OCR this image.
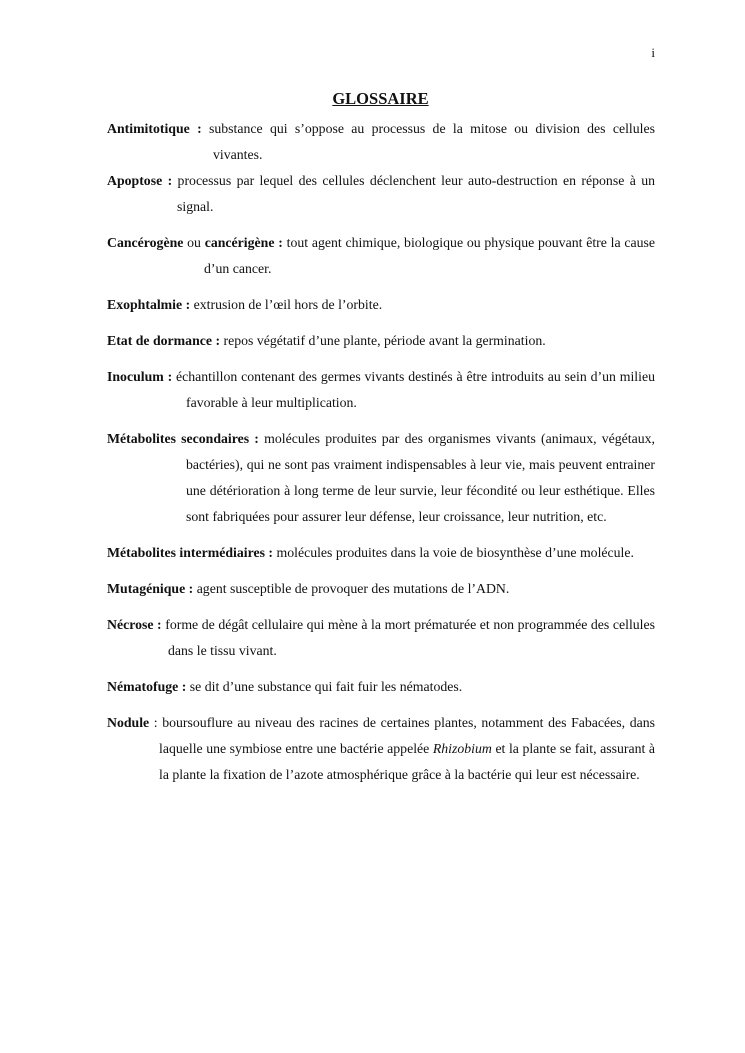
i
GLOSSAIRE

Antimitotique : substance qui s’oppose au processus de la mitose ou division des cellules vivantes.

Apoptose : processus par lequel des cellules déclenchent leur auto-destruction en réponse à un signal.

Cancérogène ou cancérigène : tout agent chimique, biologique ou physique pouvant être la cause d’un cancer.

Exophtalmie : extrusion de l’œil hors de l’orbite.

Etat de dormance : repos végétatif d’une plante, période avant la germination.

Inoculum : échantillon contenant des germes vivants destinés à être introduits au sein d’un milieu favorable à leur multiplication.

Métabolites secondaires : molécules produites par des organismes vivants (animaux, végétaux, bactéries), qui ne sont pas vraiment indispensables à leur vie, mais peuvent entrainer une détérioration à long terme de leur survie, leur fécondité ou leur esthétique. Elles sont fabriquées pour assurer leur défense, leur croissance, leur nutrition, etc.

Métabolites intermédiaires : molécules produites dans la voie de biosynthèse d’une molécule.

Mutagénique : agent susceptible de provoquer des mutations de l’ADN.

Nécrose : forme de dégât cellulaire qui mène à la mort prématurée et non programmée des cellules dans le tissu vivant.

Nématofuge : se dit d’une substance qui fait fuir les nématodes.

Nodule : boursouflure au niveau des racines de certaines plantes, notamment des Fabacées, dans laquelle une symbiose entre une bactérie appelée Rhizobium et la plante se fait, assurant à la plante la fixation de l’azote atmosphérique grâce à la bactérie qui leur est nécessaire.
